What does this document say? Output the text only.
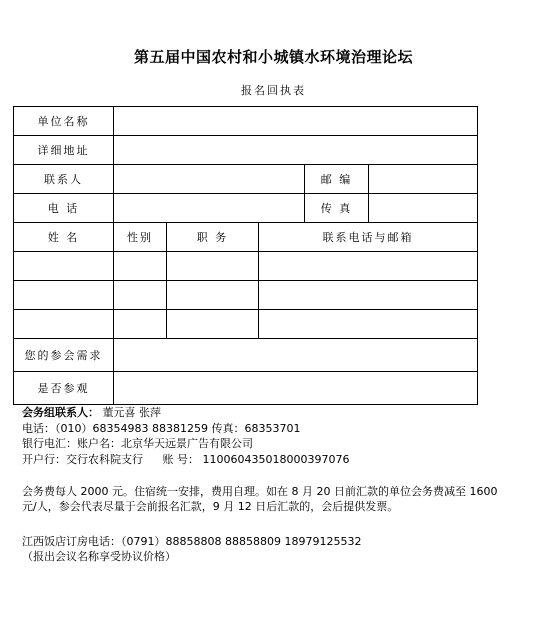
第五届中国农村和小城镇水环境治理论坛
报名回执表
单位名称					
详细地址					
联系人				邮 编	
电 话				传 真	
姓 名	性别	职 务	联系电话与邮箱		

您的参会需求					
是否参观					
会务组联系人： 董元喜 张萍
电话：（010）68354983 88381259 传真：68353701
银行电汇：账户名：北京华天远景广告有限公司
开户行：交行农科院支行 账 号： 110060435018000397076
会务费每人 2000 元。住宿统一安排，费用自理。如在 8 月 20 日前汇款的单位会务费减至 1600
元/人，参会代表尽量于会前报名汇款，9 月 12 日后汇款的，会后提供发票。
江西饭店订房电话：（0791）88858808 88858809 18979125532
（报出会议名称享受协议价格）
